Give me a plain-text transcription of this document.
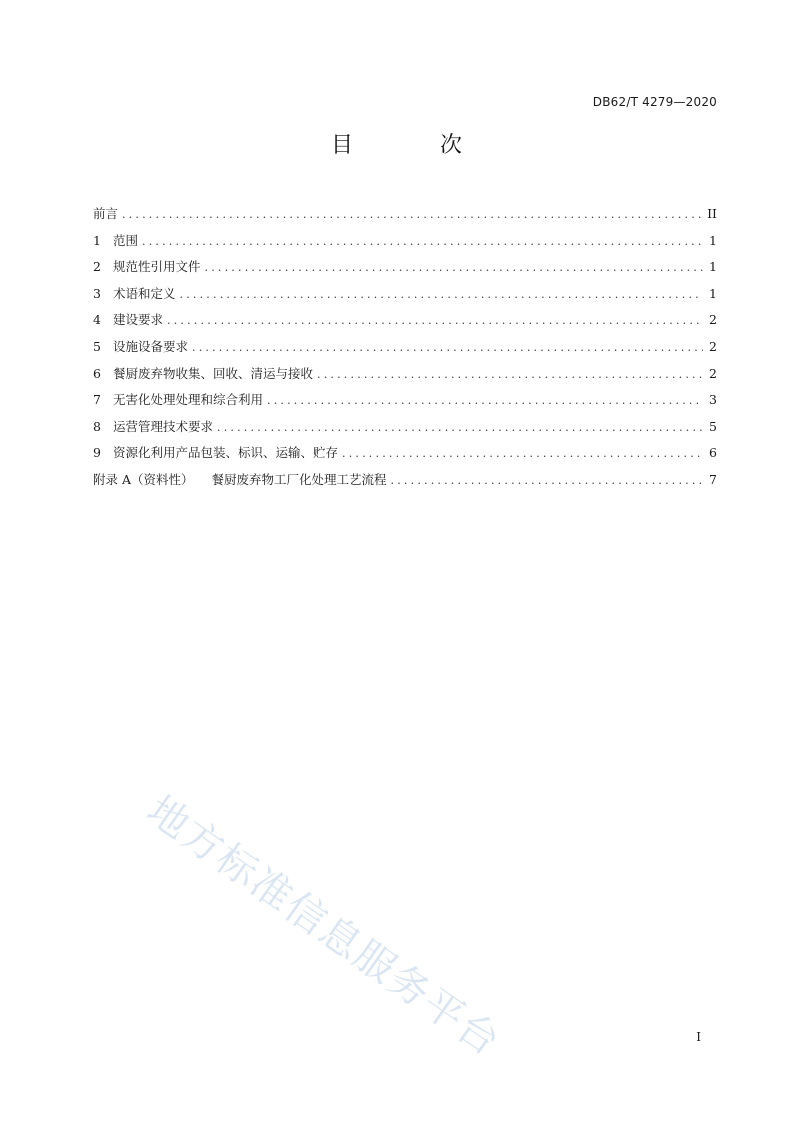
DB62/T 4279—2020
目 次
前言 .....	II
1 范围 .....	1
2 规范性引用文件 .....	1
3 术语和定义 .....	1
4 建设要求 .....	2
5 设施设备要求 .....	2
6 餐厨废弃物收集、回收、清运与接收 .....	2
7 无害化处理处理和综合利用 .....	3
8 运营管理技术要求 .....	5
9 资源化利用产品包装、标识、运输、贮存 .....	6
附录 A（资料性） 餐厨废弃物工厂化处理工艺流程 .....	7
地方标准信息服务平台	I
